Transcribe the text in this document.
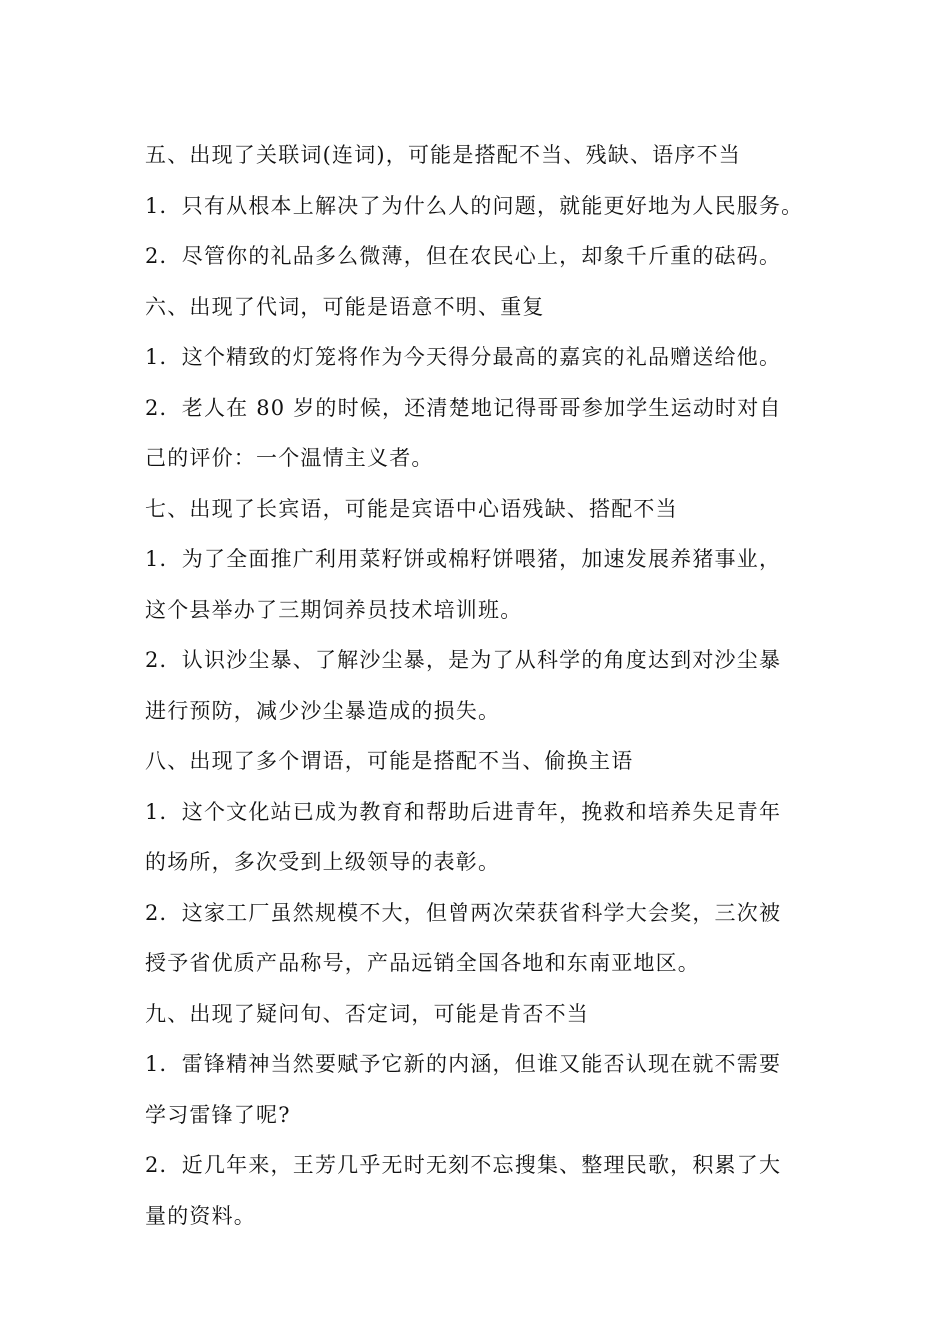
五、出现了关联词(连词)，可能是搭配不当、残缺、语序不当
1．只有从根本上解决了为什么人的问题，就能更好地为人民服务。
2．尽管你的礼品多么微薄，但在农民心上，却象千斤重的砝码。
六、出现了代词，可能是语意不明、重复
1．这个精致的灯笼将作为今天得分最高的嘉宾的礼品赠送给他。
2．老人在 80 岁的时候，还清楚地记得哥哥参加学生运动时对自
己的评价：一个温情主义者。
七、出现了长宾语，可能是宾语中心语残缺、搭配不当
1．为了全面推广利用菜籽饼或棉籽饼喂猪，加速发展养猪事业，
这个县举办了三期饲养员技术培训班。
2．认识沙尘暴、了解沙尘暴，是为了从科学的角度达到对沙尘暴
进行预防，减少沙尘暴造成的损失。
八、出现了多个谓语，可能是搭配不当、偷换主语
1．这个文化站已成为教育和帮助后进青年，挽救和培养失足青年
的场所，多次受到上级领导的表彰。
2．这家工厂虽然规模不大，但曾两次荣获省科学大会奖，三次被
授予省优质产品称号，产品远销全国各地和东南亚地区。
九、出现了疑问旬、否定词，可能是肯否不当
1．雷锋精神当然要赋予它新的内涵，但谁又能否认现在就不需要
学习雷锋了呢?
2．近几年来，王芳几乎无时无刻不忘搜集、整理民歌，积累了大
量的资料。
